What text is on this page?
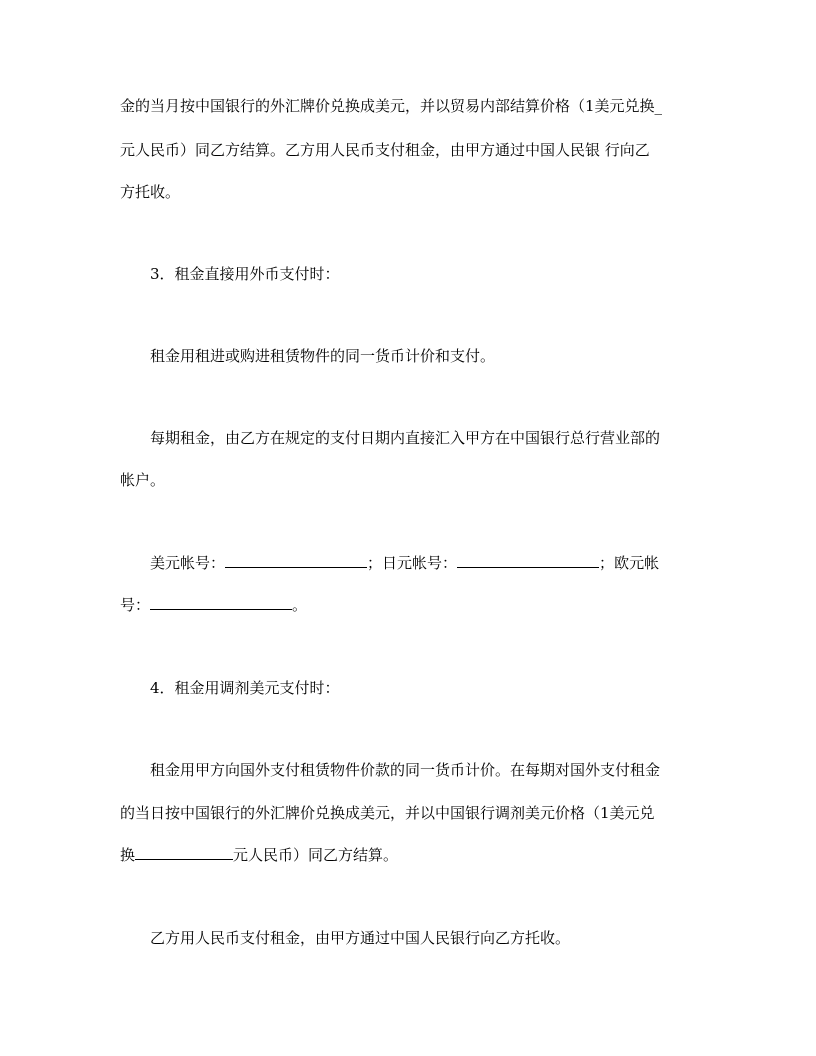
金的当月按中国银行的外汇牌价兑换成美元，并以贸易内部结算价格（1美元兑换_
元人民币）同乙方结算。乙方用人民币支付租金，由甲方通过中国人民银 行向乙
方托收。
3．租金直接用外币支付时：
租金用租进或购进租赁物件的同一货币计价和支付。
每期租金，由乙方在规定的支付日期内直接汇入甲方在中国银行总行营业部的
帐户。
美元帐号：	；日元帐号：	；欧元帐
号：	。
4．租金用调剂美元支付时：
租金用甲方向国外支付租赁物件价款的同一货币计价。在每期对国外支付租金
的当日按中国银行的外汇牌价兑换成美元，并以中国银行调剂美元价格（1美元兑
换	元人民币）同乙方结算。
乙方用人民币支付租金，由甲方通过中国人民银行向乙方托收。
